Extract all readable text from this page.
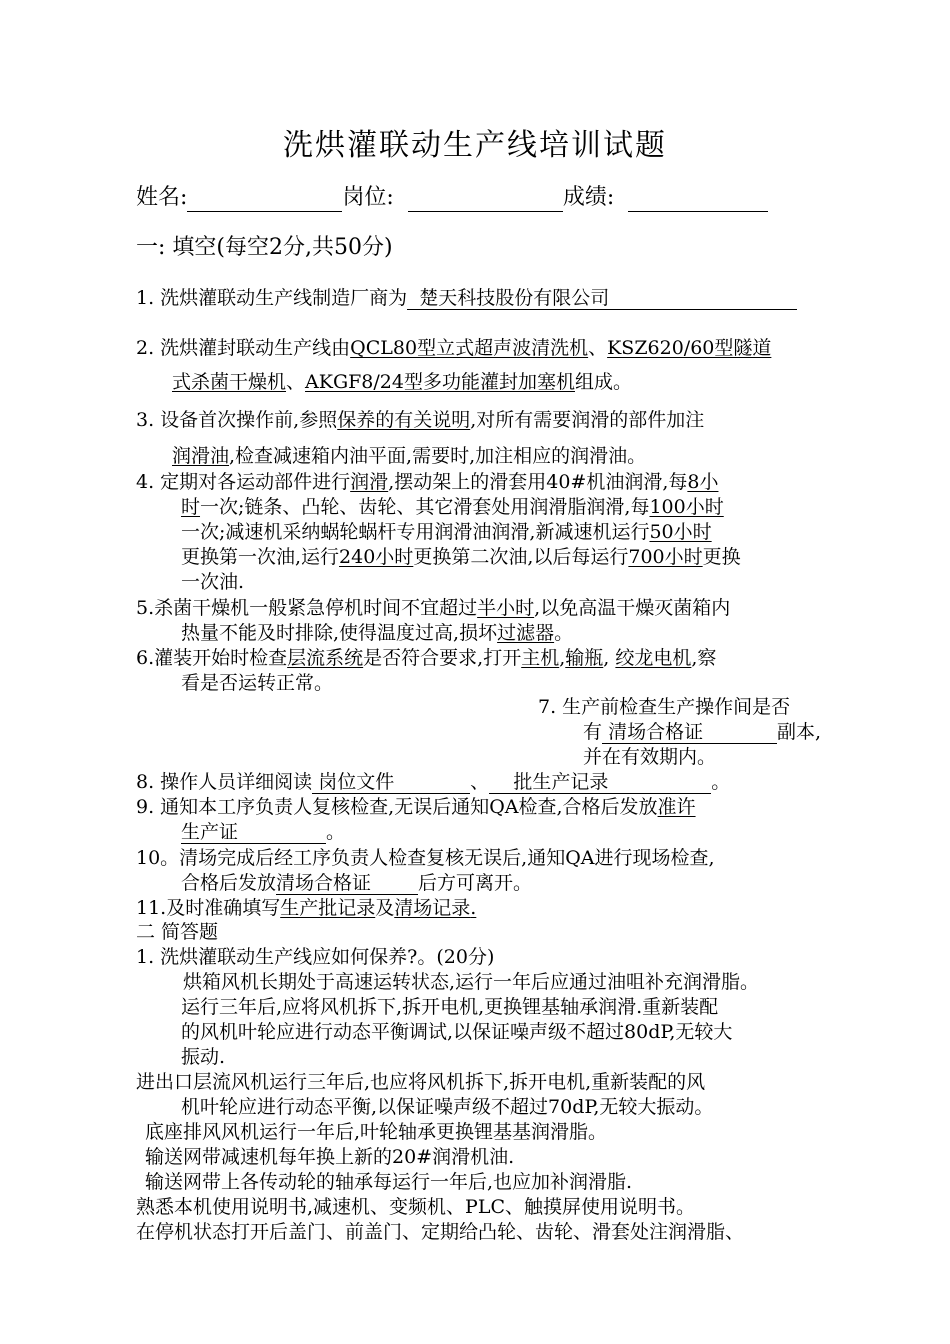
洗烘灌联动生产线培训试题
姓名:	岗位:	成绩:
一: 填空(每空2分,共50分)
1. 洗烘灌联动生产线制造厂商为 楚天科技股份有限公司
2. 洗烘灌封联动生产线由QCL80型立式超声波清洗机、KSZ620/60型隧道
式杀菌干燥机、AKGF8/24型多功能灌封加塞机组成。
3. 设备首次操作前,参照保养的有关说明,对所有需要润滑的部件加注
润滑油,检查减速箱内油平面,需要时,加注相应的润滑油。
4. 定期对各运动部件进行润滑,摆动架上的滑套用40#机油润滑,每8小
时一次;链条、凸轮、齿轮、其它滑套处用润滑脂润滑,每100小时
一次;减速机采纳蜗轮蜗杆专用润滑油润滑,新减速机运行50小时
更换第一次油,运行240小时更换第二次油,以后每运行700小时更换
一次油.
5.杀菌干燥机一般紧急停机时间不宜超过半小时,以免高温干燥灭菌箱内
热量不能及时排除,使得温度过高,损坏过滤器。
6.灌装开始时检查层流系统是否符合要求,打开主机,输瓶, 绞龙电机,察
看是否运转正常。
7. 生产前检查生产操作间是否
有 清场合格证	副本,
并在有效期内。
8. 操作人员详细阅读 岗位文件	、 批生产记录	。
9. 通知本工序负责人复核检查,无误后通知QA检查,合格后发放准许
生产证	。
10。清场完成后经工序负责人检查复核无误后,通知QA进行现场检查,
合格后发放清场合格证 后方可离开。
11.及时准确填写生产批记录及清场记录.
二 简答题
1. 洗烘灌联动生产线应如何保养?。(20分)
烘箱风机长期处于高速运转状态,运行一年后应通过油咀补充润滑脂。
运行三年后,应将风机拆下,拆开电机,更换锂基轴承润滑.重新装配
的风机叶轮应进行动态平衡调试,以保证噪声级不超过80dP,无较大
振动.
进出口层流风机运行三年后,也应将风机拆下,拆开电机,重新装配的风
机叶轮应进行动态平衡,以保证噪声级不超过70dP,无较大振动。
底座排风风机运行一年后,叶轮轴承更换锂基基润滑脂。
输送网带减速机每年换上新的20#润滑机油.
输送网带上各传动轮的轴承每运行一年后,也应加补润滑脂.
熟悉本机使用说明书,减速机、变频机、PLC、触摸屏使用说明书。
在停机状态打开后盖门、前盖门、定期给凸轮、齿轮、滑套处注润滑脂、
